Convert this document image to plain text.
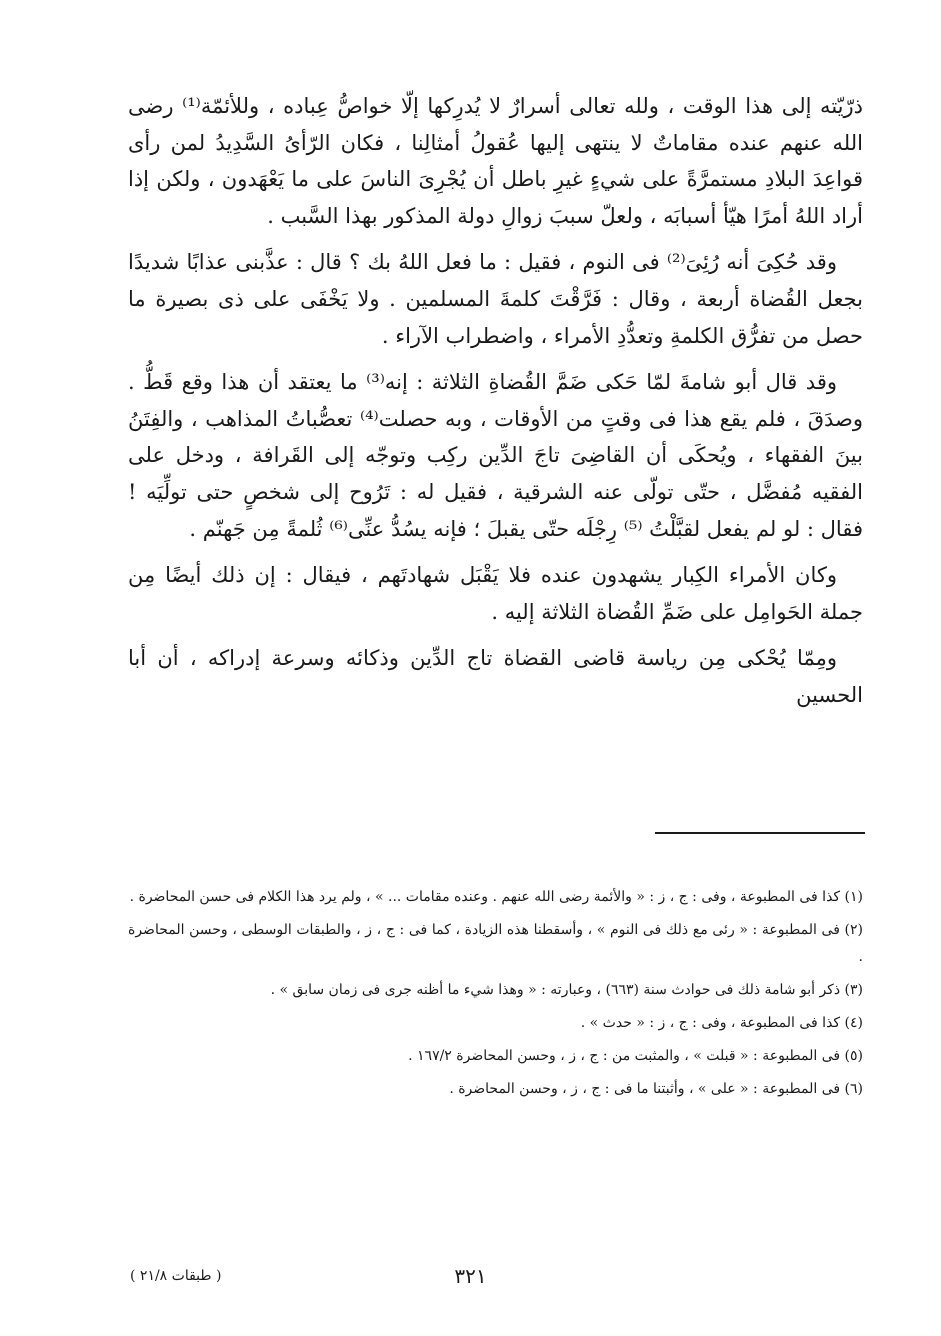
ذرّيّته إلى هذا الوقت ، ولله تعالى أسرارٌ لا يُدرِكها إلّا خواصُّ عِباده ، وللأئمّة⁽¹⁾ رضى الله عنهم عنده مقاماتٌ لا ينتهى إليها عُقولُ أمثالِنا ، فكان الرّأىُ السَّدِيدُ لمن رأى قواعِدَ البلادِ مستمرَّةً على شيءٍ غيرِ باطل أن يُجْرِىَ الناسَ على ما يَعْهَدون ، ولكن إذا أراد اللهُ أمرًا هيّأ أسبابَه ، ولعلّ سببَ زوالِ دولة المذكور بهذا السَّبب .

وقد حُكِىَ أنه رُئِىَ⁽²⁾ فى النوم ، فقيل : ما فعل اللهُ بك ؟ قال : عذَّبنى عذابًا شديدًا بجعل القُضاة أربعة ، وقال : فَرَّقْتَ كلمةَ المسلمين . ولا يَخْفَى على ذى بصيرة ما حصل من تفرُّق الكلمةِ وتعدُّدِ الأمراء ، واضطراب الآراء .

وقد قال أبو شامةَ لمّا حَكى ضَمَّ القُضاةِ الثلاثة : إنه⁽³⁾ ما يعتقد أن هذا وقع قَطُّ . وصدَقَ ، فلم يقع هذا فى وقتٍ من الأوقات ، وبه حصلت⁽⁴⁾ تعصُّباتُ المذاهب ، والفِتَنُ بينَ الفقهاء ، ويُحكَى أن القاضِىَ تاجَ الدِّين ركِب وتوجّه إلى القَرافة ، ودخل على الفقيه مُفضَّل ، حتّى تولّى عنه الشرقية ، فقيل له : تَرُوح إلى شخصٍ حتى تولِّيَه ! فقال : لو لم يفعل لقبَّلْتُ ⁽⁵⁾ رِجْلَه حتّى يقبلَ ؛ فإنه يسُدُّ عنِّى⁽⁶⁾ ثُلمةً مِن جَهنّم .

وكان الأمراء الكِبار يشهدون عنده فلا يَقْبَل شهادتَهم ، فيقال : إن ذلك أيضًا مِن جملة الحَوامِل على ضَمِّ القُضاة الثلاثة إليه .

ومِمّا يُحْكى مِن رياسة قاضى القضاة تاج الدِّين وذكائه وسرعة إدراكه ، أن أبا الحسين

(١) كذا فى المطبوعة ، وفى : ج ، ز : « والأئمة رضى الله عنهم . وعنده مقامات ... » ، ولم يرد هذا الكلام فى حسن المحاضرة .

(٢) فى المطبوعة : « رئى مع ذلك فى النوم » ، وأسقطنا هذه الزيادة ، كما فى : ج ، ز ، والطبقات الوسطى ، وحسن المحاضرة .

(٣) ذكر أبو شامة ذلك فى حوادث سنة (٦٦٣) ، وعبارته : « وهذا شيء ما أظنه جرى فى زمان سابق » .

(٤) كذا فى المطبوعة ، وفى : ج ، ز : « حدث » .

(٥) فى المطبوعة : « قبلت » ، والمثبت من : ج ، ز ، وحسن المحاضرة ١٦٧/٢ .

(٦) فى المطبوعة : « على » ، وأثبتنا ما فى : ج ، ز ، وحسن المحاضرة .

٣٢١
( طبقات ٢١/٨ )
